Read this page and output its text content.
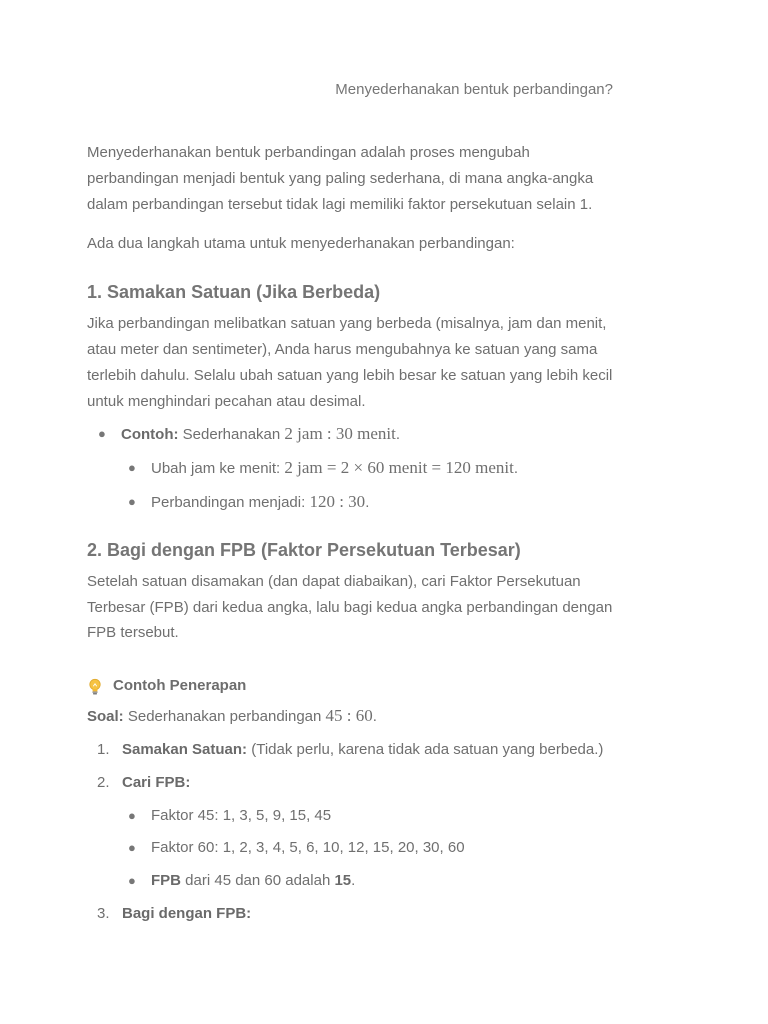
Menyederhanakan bentuk perbandingan?

Menyederhanakan bentuk perbandingan adalah proses mengubah perbandingan menjadi bentuk yang paling sederhana, di mana angka-angka dalam perbandingan tersebut tidak lagi memiliki faktor persekutuan selain 1.

Ada dua langkah utama untuk menyederhanakan perbandingan:

1. Samakan Satuan (Jika Berbeda)

Jika perbandingan melibatkan satuan yang berbeda (misalnya, jam dan menit, atau meter dan sentimeter), Anda harus mengubahnya ke satuan yang sama terlebih dahulu. Selalu ubah satuan yang lebih besar ke satuan yang lebih kecil untuk menghindari pecahan atau desimal.

● Contoh: Sederhanakan 2 jam : 30 menit.
● Ubah jam ke menit: 2 jam = 2 × 60 menit = 120 menit.
● Perbandingan menjadi: 120 : 30.
2. Bagi dengan FPB (Faktor Persekutuan Terbesar)

Setelah satuan disamakan (dan dapat diabaikan), cari Faktor Persekutuan Terbesar (FPB) dari kedua angka, lalu bagi kedua angka perbandingan dengan FPB tersebut.

Contoh Penerapan

Soal: Sederhanakan perbandingan 45 : 60.

1. Samakan Satuan: (Tidak perlu, karena tidak ada satuan yang berbeda.)
2. Cari FPB:
● Faktor 45: 1, 3, 5, 9, 15, 45
● Faktor 60: 1, 2, 3, 4, 5, 6, 10, 12, 15, 20, 30, 60
● FPB dari 45 dan 60 adalah 15.
3. Bagi dengan FPB:
